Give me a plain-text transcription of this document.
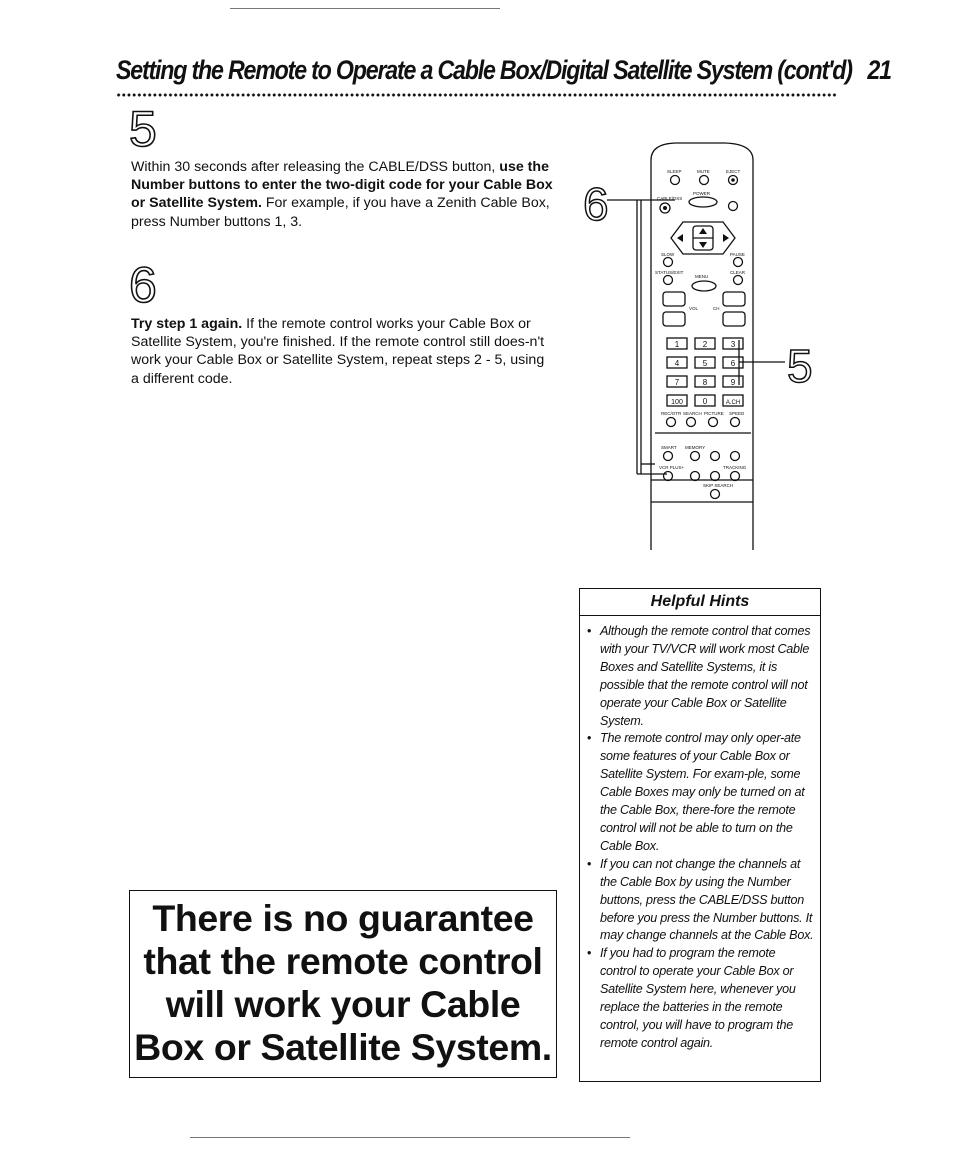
Setting the Remote to Operate a Cable Box/Digital Satellite System (cont'd) 21
5
Within 30 seconds after releasing the CABLE/DSS button, use the Number buttons to enter the two-digit code for your Cable Box or Satellite System. For example, if you have a Zenith Cable Box, press Number buttons 1, 3.
6
Try step 1 again. If the remote control works your Cable Box or Satellite System, you're finished. If the remote control still does-n't work your Cable Box or Satellite System, repeat steps 2 - 5, using a different code.
SLEEP	MUTE	EJECT
POWER
CABLE/DSS
SLOW	PAUSE
STATUS/EXIT	CLEAR
MENU
VOL	CH
REC/OTR SEARCH PICTURE SPEED
SMART MEMORY
VCR PLUS+	TRACKING
SKIP SEARCH
1	2	3
4	5	6
7	8	9
100 0	A.CH
6
5
Helpful Hints
• Although the remote control that comes with your TV/VCR will work most Cable Boxes and Satellite Systems, it is possible that the remote control will not operate your Cable Box or Satellite System.
• The remote control may only oper-ate some features of your Cable Box or Satellite System. For exam-ple, some Cable Boxes may only be turned on at the Cable Box, there-fore the remote control will not be able to turn on the Cable Box.
• If you can not change the channels at the Cable Box by using the Number buttons, press the CABLE/DSS button before you press the Number buttons. It may change channels at the Cable Box.
• If you had to program the remote control to operate your Cable Box or Satellite System here, whenever you replace the batteries in the remote control, you will have to program the remote control again.
There is no guarantee
that the remote control
will work your Cable
Box or Satellite System.
